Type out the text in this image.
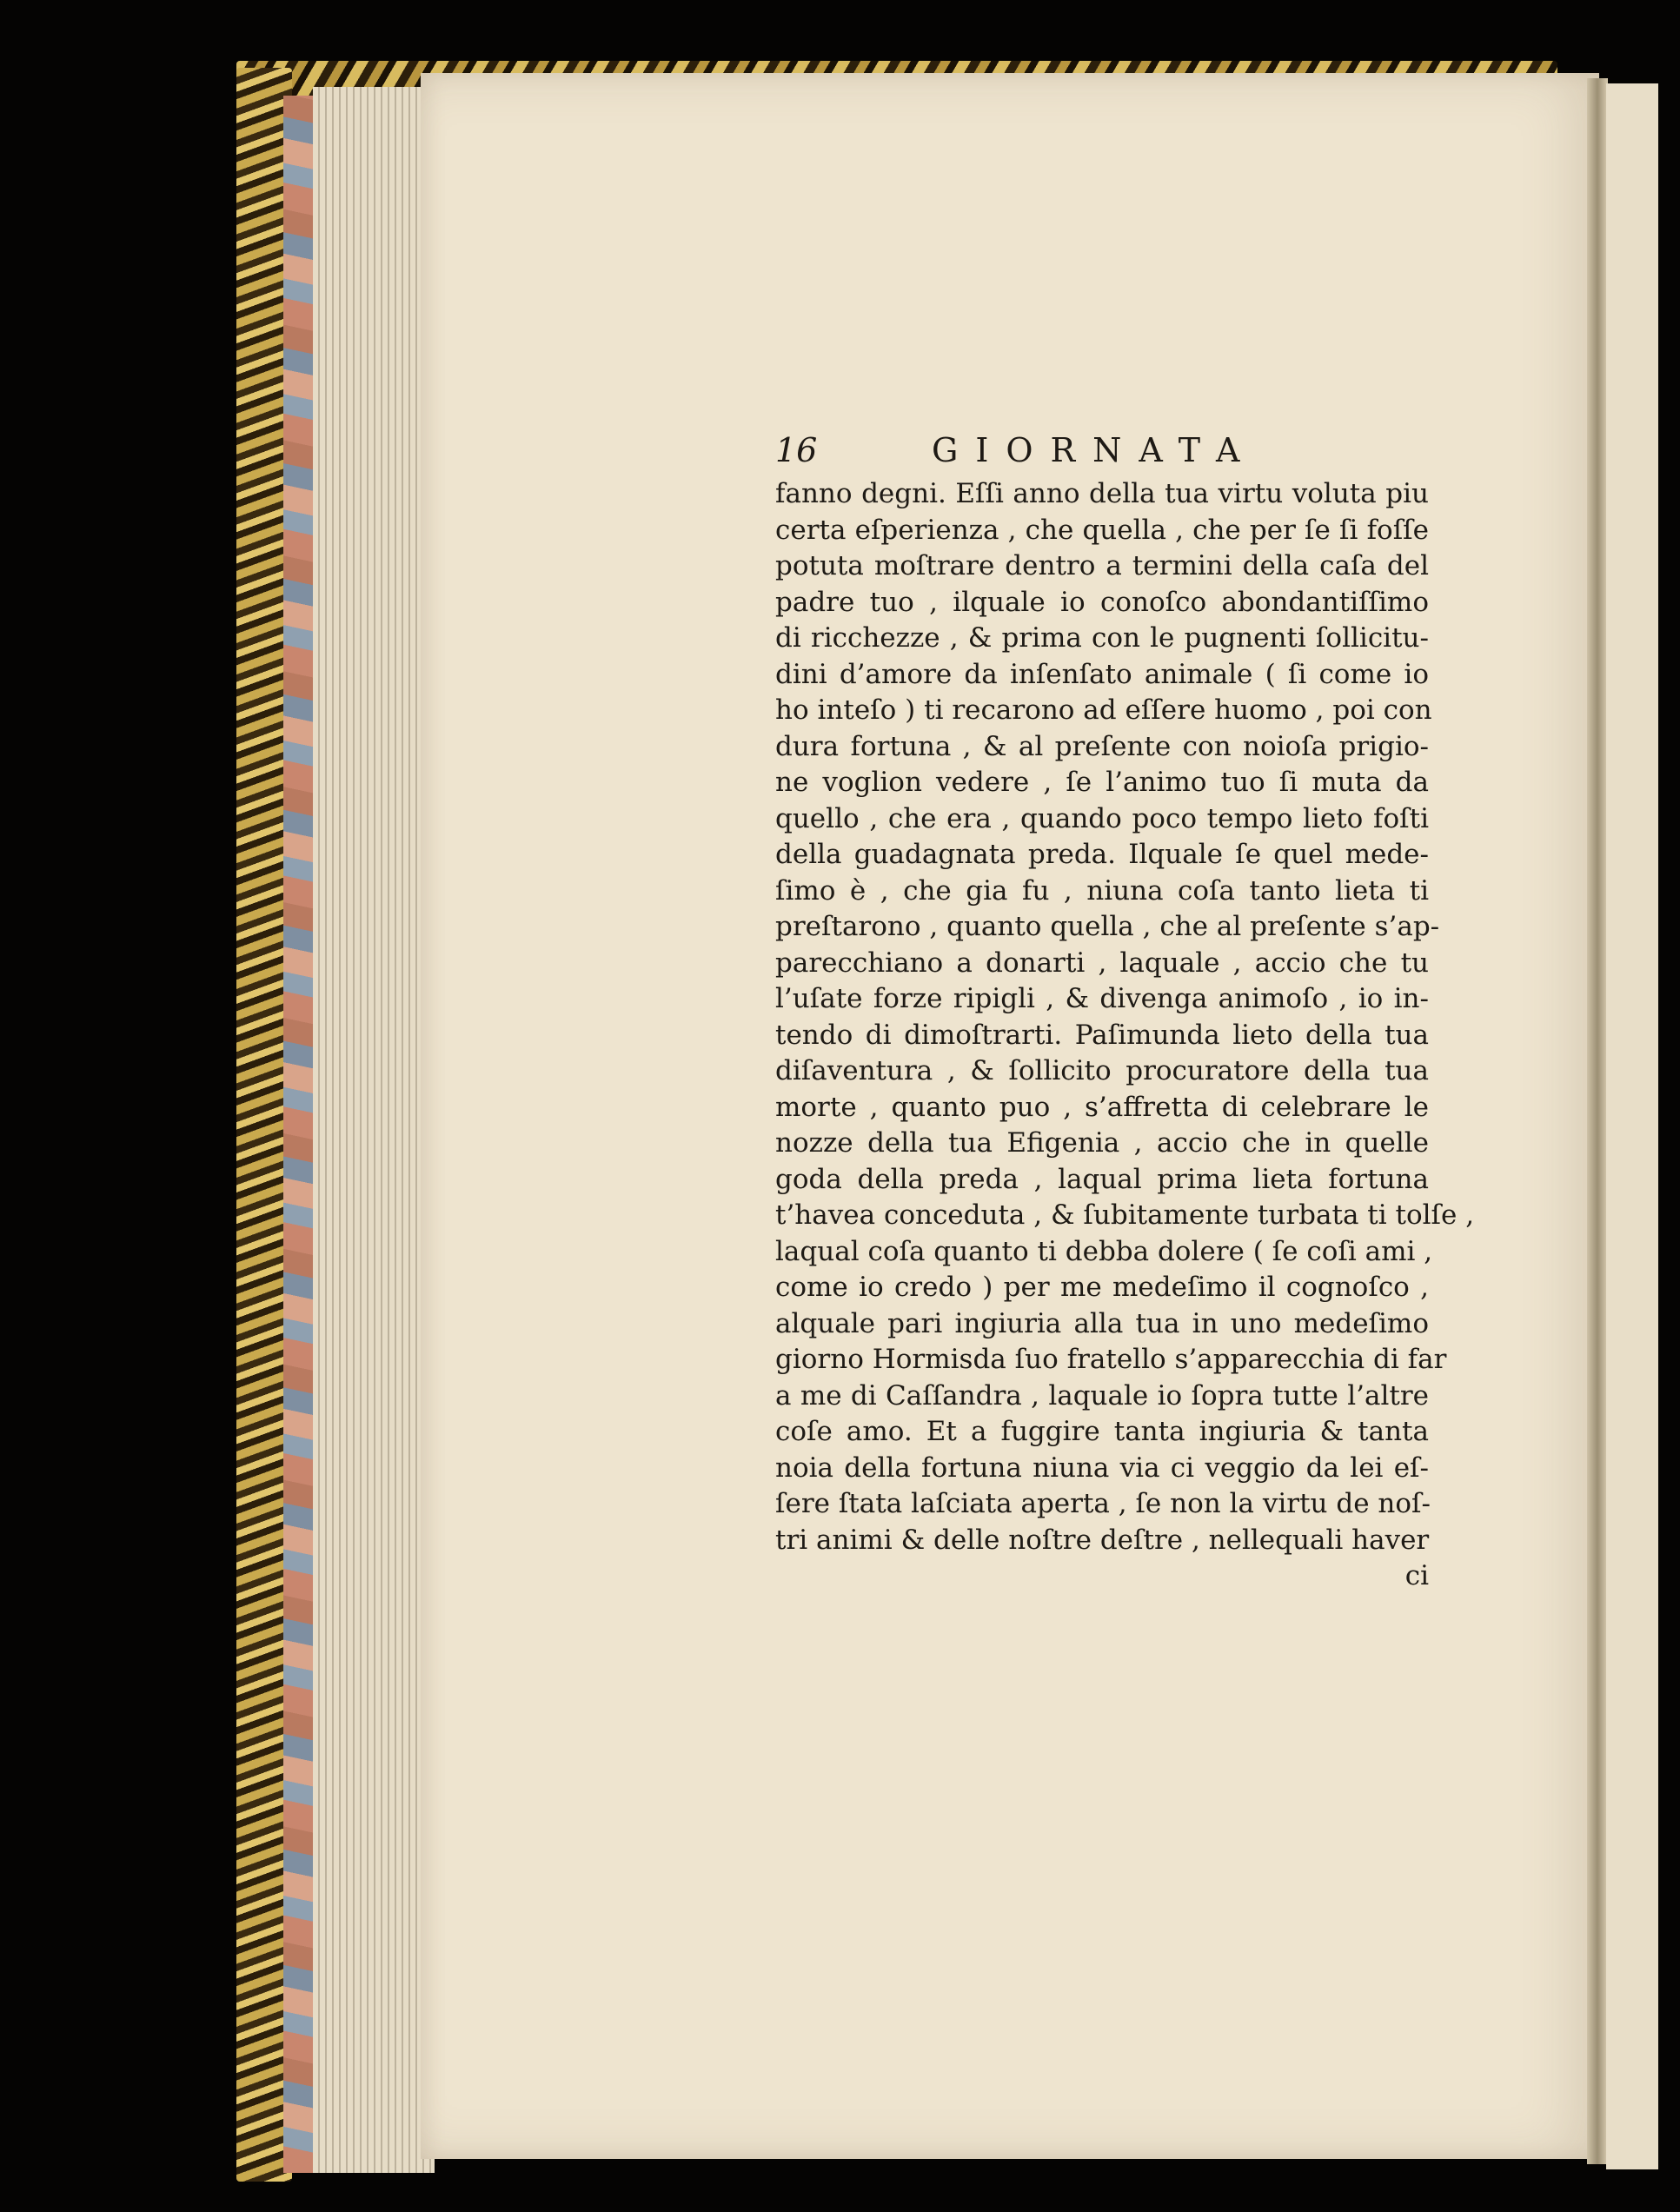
16	GIORNATA
fanno degni. Eſſi anno della tua virtu voluta piu
certa eſperienza , che quella , che per ſe ſi foſſe
potuta moſtrare dentro a termini della caſa del
padre tuo , ilquale io conoſco abondantiſſimo
di ricchezze , & prima con le pugnenti ſollicitu-
dini d’amore da inſenſato animale ( ſi come io
ho inteſo ) ti recarono ad eſſere huomo , poi con
dura fortuna , & al preſente con noioſa prigio-
ne voglion vedere , ſe l’animo tuo ſi muta da
quello , che era , quando poco tempo lieto foſti
della guadagnata preda. Ilquale ſe quel mede-
ſimo è , che gia fu , niuna coſa tanto lieta ti
preſtarono , quanto quella , che al preſente s’ap-
parecchiano a donarti , laquale , accio che tu
l’uſate forze ripigli , & divenga animoſo , io in-
tendo di dimoſtrarti. Paſimunda lieto della tua
diſaventura , & ſollicito procuratore della tua
morte , quanto puo , s’affretta di celebrare le
nozze della tua Efigenia , accio che in quelle
goda della preda , laqual prima lieta fortuna
t’havea conceduta , & ſubitamente turbata ti tolſe ,
laqual coſa quanto ti debba dolere ( ſe coſi ami ,
come io credo ) per me medeſimo il cognoſco ,
alquale pari ingiuria alla tua in uno medeſimo
giorno Hormisda ſuo fratello s’apparecchia di far
a me di Caſſandra , laquale io ſopra tutte l’altre
coſe amo. Et a fuggire tanta ingiuria & tanta
noia della fortuna niuna via ci veggio da lei eſ-
ſere ſtata laſciata aperta , ſe non la virtu de noſ-
tri animi & delle noſtre deſtre , nellequali haver
ci
